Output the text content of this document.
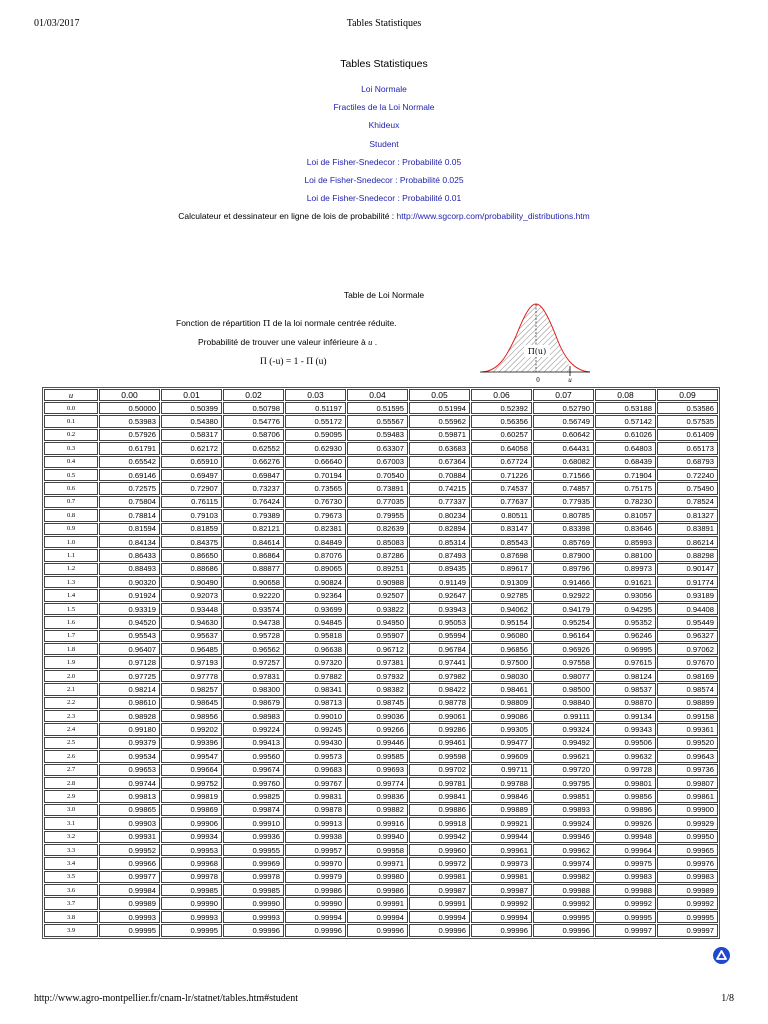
01/03/2017	Tables Statistiques
Tables Statistiques
Loi Normale
Fractiles de la Loi Normale
Khideux
Student
Loi de Fisher-Snedecor : Probabilité 0.05
Loi de Fisher-Snedecor : Probabilité 0.025
Loi de Fisher-Snedecor : Probabilité 0.01
Calculateur et dessinateur en ligne de lois de probabilité : http://www.sgcorp.com/probability_distributions.htm
Table de Loi Normale
Fonction de répartition Π de la loi normale centrée réduite.
Probabilité de trouver une valeur inférieure à u .
Π (-u) = 1 - Π (u)
Π(u)
0	u
u	0.00	0.01	0.02	0.03	0.04	0.05	0.06	0.07	0.08	0.09
0.0	0.50000	0.50399	0.50798	0.51197	0.51595	0.51994	0.52392	0.52790	0.53188	0.53586
0.1	0.53983	0.54380	0.54776	0.55172	0.55567	0.55962	0.56356	0.56749	0.57142	0.57535
0.2	0.57926	0.58317	0.58706	0.59095	0.59483	0.59871	0.60257	0.60642	0.61026	0.61409
0.3	0.61791	0.62172	0.62552	0.62930	0.63307	0.63683	0.64058	0.64431	0.64803	0.65173
0.4	0.65542	0.65910	0.66276	0.66640	0.67003	0.67364	0.67724	0.68082	0.68439	0.68793
0.5	0.69146	0.69497	0.69847	0.70194	0.70540	0.70884	0.71226	0.71566	0.71904	0.72240
0.6	0.72575	0.72907	0.73237	0.73565	0.73891	0.74215	0.74537	0.74857	0.75175	0.75490
0.7	0.75804	0.76115	0.76424	0.76730	0.77035	0.77337	0.77637	0.77935	0.78230	0.78524
0.8	0.78814	0.79103	0.79389	0.79673	0.79955	0.80234	0.80511	0.80785	0.81057	0.81327
0.9	0.81594	0.81859	0.82121	0.82381	0.82639	0.82894	0.83147	0.83398	0.83646	0.83891
1.0	0.84134	0.84375	0.84614	0.84849	0.85083	0.85314	0.85543	0.85769	0.85993	0.86214
1.1	0.86433	0.86650	0.86864	0.87076	0.87286	0.87493	0.87698	0.87900	0.88100	0.88298
1.2	0.88493	0.88686	0.88877	0.89065	0.89251	0.89435	0.89617	0.89796	0.89973	0.90147
1.3	0.90320	0.90490	0.90658	0.90824	0.90988	0.91149	0.91309	0.91466	0.91621	0.91774
1.4	0.91924	0.92073	0.92220	0.92364	0.92507	0.92647	0.92785	0.92922	0.93056	0.93189
1.5	0.93319	0.93448	0.93574	0.93699	0.93822	0.93943	0.94062	0.94179	0.94295	0.94408
1.6	0.94520	0.94630	0.94738	0.94845	0.94950	0.95053	0.95154	0.95254	0.95352	0.95449
1.7	0.95543	0.95637	0.95728	0.95818	0.95907	0.95994	0.96080	0.96164	0.96246	0.96327
1.8	0.96407	0.96485	0.96562	0.96638	0.96712	0.96784	0.96856	0.96926	0.96995	0.97062
1.9	0.97128	0.97193	0.97257	0.97320	0.97381	0.97441	0.97500	0.97558	0.97615	0.97670
2.0	0.97725	0.97778	0.97831	0.97882	0.97932	0.97982	0.98030	0.98077	0.98124	0.98169
2.1	0.98214	0.98257	0.98300	0.98341	0.98382	0.98422	0.98461	0.98500	0.98537	0.98574
2.2	0.98610	0.98645	0.98679	0.98713	0.98745	0.98778	0.98809	0.98840	0.98870	0.98899
2.3	0.98928	0.98956	0.98983	0.99010	0.99036	0.99061	0.99086	0.99111	0.99134	0.99158
2.4	0.99180	0.99202	0.99224	0.99245	0.99266	0.99286	0.99305	0.99324	0.99343	0.99361
2.5	0.99379	0.99396	0.99413	0.99430	0.99446	0.99461	0.99477	0.99492	0.99506	0.99520
2.6	0.99534	0.99547	0.99560	0.99573	0.99585	0.99598	0.99609	0.99621	0.99632	0.99643
2.7	0.99653	0.99664	0.99674	0.99683	0.99693	0.99702	0.99711	0.99720	0.99728	0.99736
2.8	0.99744	0.99752	0.99760	0.99767	0.99774	0.99781	0.99788	0.99795	0.99801	0.99807
2.9	0.99813	0.99819	0.99825	0.99831	0.99836	0.99841	0.99846	0.99851	0.99856	0.99861
3.0	0.99865	0.99869	0.99874	0.99878	0.99882	0.99886	0.99889	0.99893	0.99896	0.99900
3.1	0.99903	0.99906	0.99910	0.99913	0.99916	0.99918	0.99921	0.99924	0.99926	0.99929
3.2	0.99931	0.99934	0.99936	0.99938	0.99940	0.99942	0.99944	0.99946	0.99948	0.99950
3.3	0.99952	0.99953	0.99955	0.99957	0.99958	0.99960	0.99961	0.99962	0.99964	0.99965
3.4	0.99966	0.99968	0.99969	0.99970	0.99971	0.99972	0.99973	0.99974	0.99975	0.99976
3.5	0.99977	0.99978	0.99978	0.99979	0.99980	0.99981	0.99981	0.99982	0.99983	0.99983
3.6	0.99984	0.99985	0.99985	0.99986	0.99986	0.99987	0.99987	0.99988	0.99988	0.99989
3.7	0.99989	0.99990	0.99990	0.99990	0.99991	0.99991	0.99992	0.99992	0.99992	0.99992
3.8	0.99993	0.99993	0.99993	0.99994	0.99994	0.99994	0.99994	0.99995	0.99995	0.99995
3.9	0.99995	0.99995	0.99996	0.99996	0.99996	0.99996	0.99996	0.99996	0.99997	0.99997
http://www.agro-montpellier.fr/cnam-lr/statnet/tables.htm#student	1/8
